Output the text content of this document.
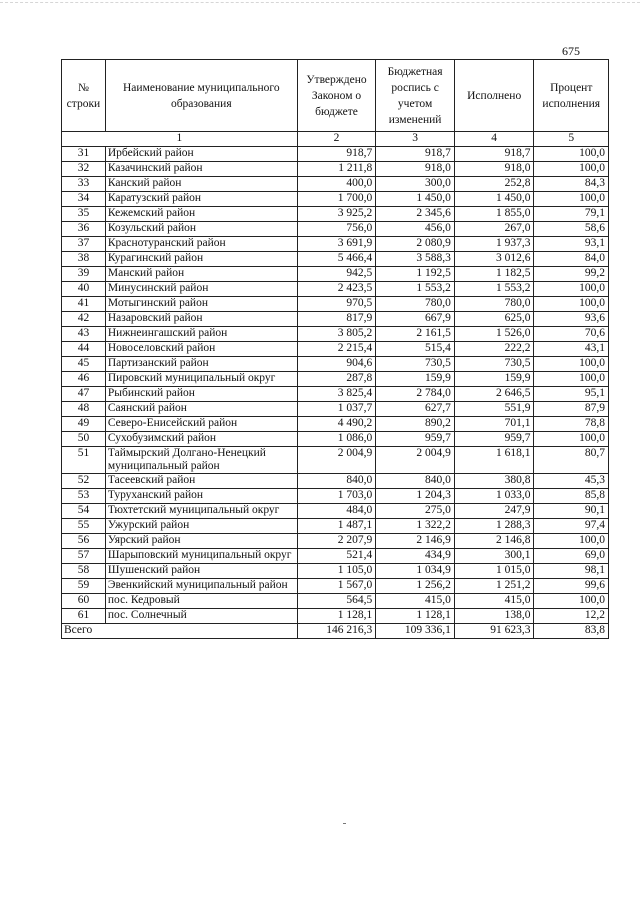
675
№ строки	Наименование муниципального образования	Утверждено Законом о бюджете	Бюджетная роспись с учетом изменений	Исполнено	Процент исполнения
1		2	3	4	5
31	Ирбейский район	918,7	918,7	918,7	100,0
32	Казачинский район	1 211,8	918,0	918,0	100,0
33	Канский район	400,0	300,0	252,8	84,3
34	Каратузский район	1 700,0	1 450,0	1 450,0	100,0
35	Кежемский район	3 925,2	2 345,6	1 855,0	79,1
36	Козульский район	756,0	456,0	267,0	58,6
37	Краснотуранский район	3 691,9	2 080,9	1 937,3	93,1
38	Курагинский район	5 466,4	3 588,3	3 012,6	84,0
39	Манский район	942,5	1 192,5	1 182,5	99,2
40	Минусинский район	2 423,5	1 553,2	1 553,2	100,0
41	Мотыгинский район	970,5	780,0	780,0	100,0
42	Назаровский район	817,9	667,9	625,0	93,6
43	Нижнеингашский район	3 805,2	2 161,5	1 526,0	70,6
44	Новоселовский район	2 215,4	515,4	222,2	43,1
45	Партизанский район	904,6	730,5	730,5	100,0
46	Пировский муниципальный округ	287,8	159,9	159,9	100,0
47	Рыбинский район	3 825,4	2 784,0	2 646,5	95,1
48	Саянский район	1 037,7	627,7	551,9	87,9
49	Северо-Енисейский район	4 490,2	890,2	701,1	78,8
50	Сухобузимский район	1 086,0	959,7	959,7	100,0
51	Таймырский Долгано-Ненецкий муниципальный район	2 004,9	2 004,9	1 618,1	80,7
52	Тасеевский район	840,0	840,0	380,8	45,3
53	Туруханский район	1 703,0	1 204,3	1 033,0	85,8
54	Тюхтетский муниципальный округ	484,0	275,0	247,9	90,1
55	Ужурский район	1 487,1	1 322,2	1 288,3	97,4
56	Уярский район	2 207,9	2 146,9	2 146,8	100,0
57	Шарыповский муниципальный округ	521,4	434,9	300,1	69,0
58	Шушенский район	1 105,0	1 034,9	1 015,0	98,1
59	Эвенкийский муниципальный район	1 567,0	1 256,2	1 251,2	99,6
60	пос. Кедровый	564,5	415,0	415,0	100,0
61	пос. Солнечный	1 128,1	1 128,1	138,0	12,2
Всего		146 216,3	109 336,1	91 623,3	83,8
